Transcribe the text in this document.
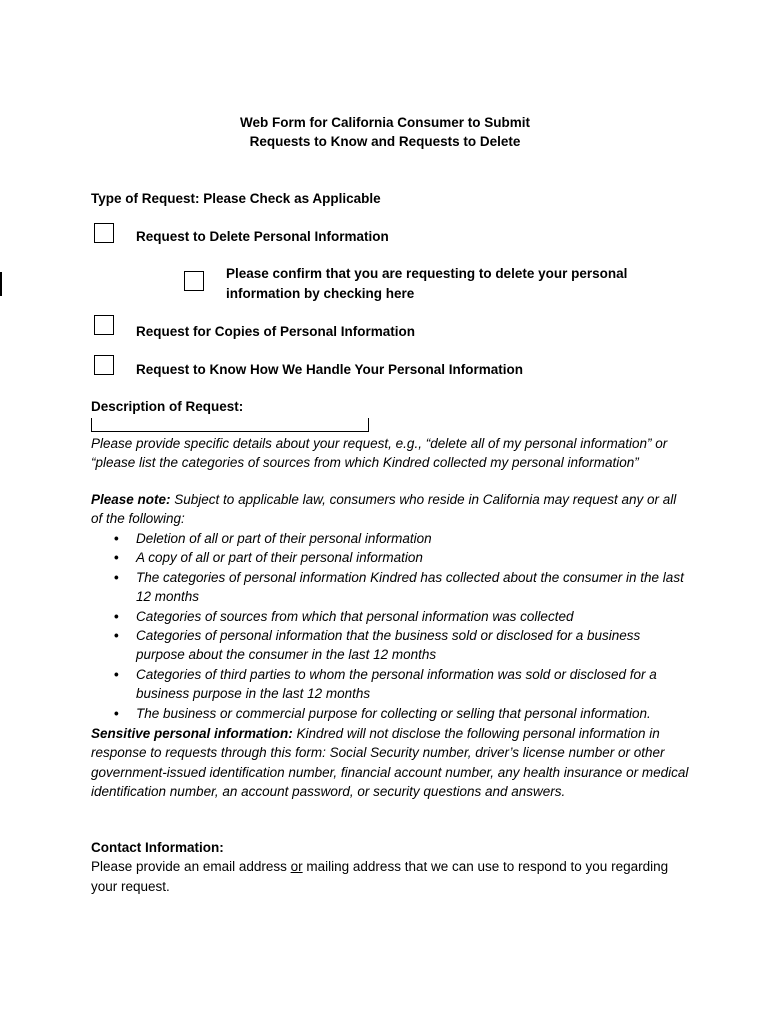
Web Form for California Consumer to Submit
Requests to Know and Requests to Delete
Type of Request: Please Check as Applicable
Request to Delete Personal Information
Please confirm that you are requesting to delete your personal information by checking here
Request for Copies of Personal Information
Request to Know How We Handle Your Personal Information
Description of Request:
Please provide specific details about your request, e.g., “delete all of my personal information” or “please list the categories of sources from which Kindred collected my personal information”
Please note: Subject to applicable law, consumers who reside in California may request any or all of the following:
• Deletion of all or part of their personal information
• A copy of all or part of their personal information
• The categories of personal information Kindred has collected about the consumer in the last 12 months
• Categories of sources from which that personal information was collected
• Categories of personal information that the business sold or disclosed for a business purpose about the consumer in the last 12 months
• Categories of third parties to whom the personal information was sold or disclosed for a business purpose in the last 12 months
• The business or commercial purpose for collecting or selling that personal information.
Sensitive personal information: Kindred will not disclose the following personal information in response to requests through this form: Social Security number, driver’s license number or other government-issued identification number, financial account number, any health insurance or medical identification number, an account password, or security questions and answers.
Contact Information:
Please provide an email address or mailing address that we can use to respond to you regarding your request.
